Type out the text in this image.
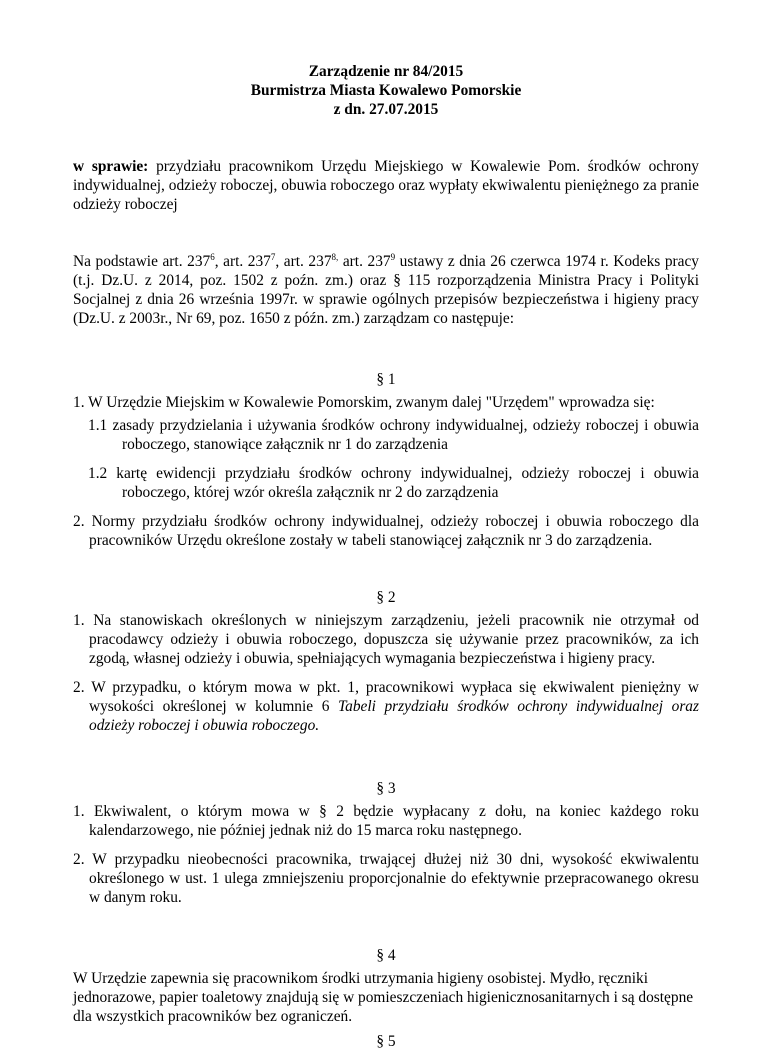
Zarządzenie nr 84/2015
Burmistrza Miasta Kowalewo Pomorskie
z dn. 27.07.2015
w sprawie: przydziału pracownikom Urzędu Miejskiego w Kowalewie Pom. środków ochrony indywidualnej, odzieży roboczej, obuwia roboczego oraz wypłaty ekwiwalentu pieniężnego za pranie odzieży roboczej
Na podstawie art. $237^6$, art. $237^7$, art. $237^{8,}$ art. $237^9$ ustawy z dnia 26 czerwca 1974 r. Kodeks pracy (t.j. Dz.U. z 2014, poz. 1502 z poźn. zm.) oraz § 115 rozporządzenia Ministra Pracy i Polityki Socjalnej z dnia 26 września 1997r. w sprawie ogólnych przepisów bezpieczeństwa i higieny pracy (Dz.U. z 2003r., Nr 69, poz. 1650 z późn. zm.) zarządzam co następuje:
§ 1
1. W Urzędzie Miejskim w Kowalewie Pomorskim, zwanym dalej "Urzędem" wprowadza się:
1.1 zasady przydzielania i używania środków ochrony indywidualnej, odzieży roboczej i obuwia roboczego, stanowiące załącznik nr 1 do zarządzenia
1.2 kartę ewidencji przydziału środków ochrony indywidualnej, odzieży roboczej i obuwia roboczego, której wzór określa załącznik nr 2 do zarządzenia
2. Normy przydziału środków ochrony indywidualnej, odzieży roboczej i obuwia roboczego dla pracowników Urzędu określone zostały w tabeli stanowiącej załącznik nr 3 do zarządzenia.
§ 2
1. Na stanowiskach określonych w niniejszym zarządzeniu, jeżeli pracownik nie otrzymał od pracodawcy odzieży i obuwia roboczego, dopuszcza się używanie przez pracowników, za ich zgodą, własnej odzieży i obuwia, spełniających wymagania bezpieczeństwa i higieny pracy.
2. W przypadku, o którym mowa w pkt. 1, pracownikowi wypłaca się ekwiwalent pieniężny w wysokości określonej w kolumnie 6 Tabeli przydziału środków ochrony indywidualnej oraz odzieży roboczej i obuwia roboczego.
§ 3
1. Ekwiwalent, o którym mowa w § 2 będzie wypłacany z dołu, na koniec każdego roku kalendarzowego, nie później jednak niż do 15 marca roku następnego.
2. W przypadku nieobecności pracownika, trwającej dłużej niż 30 dni, wysokość ekwiwalentu określonego w ust. 1 ulega zmniejszeniu proporcjonalnie do efektywnie przepracowanego okresu w danym roku.
§ 4
W Urzędzie zapewnia się pracownikom środki utrzymania higieny osobistej. Mydło, ręczniki jednorazowe, papier toaletowy znajdują się w pomieszczeniach higienicznosanitarnych i są dostępne dla wszystkich pracowników bez ograniczeń.
§ 5
